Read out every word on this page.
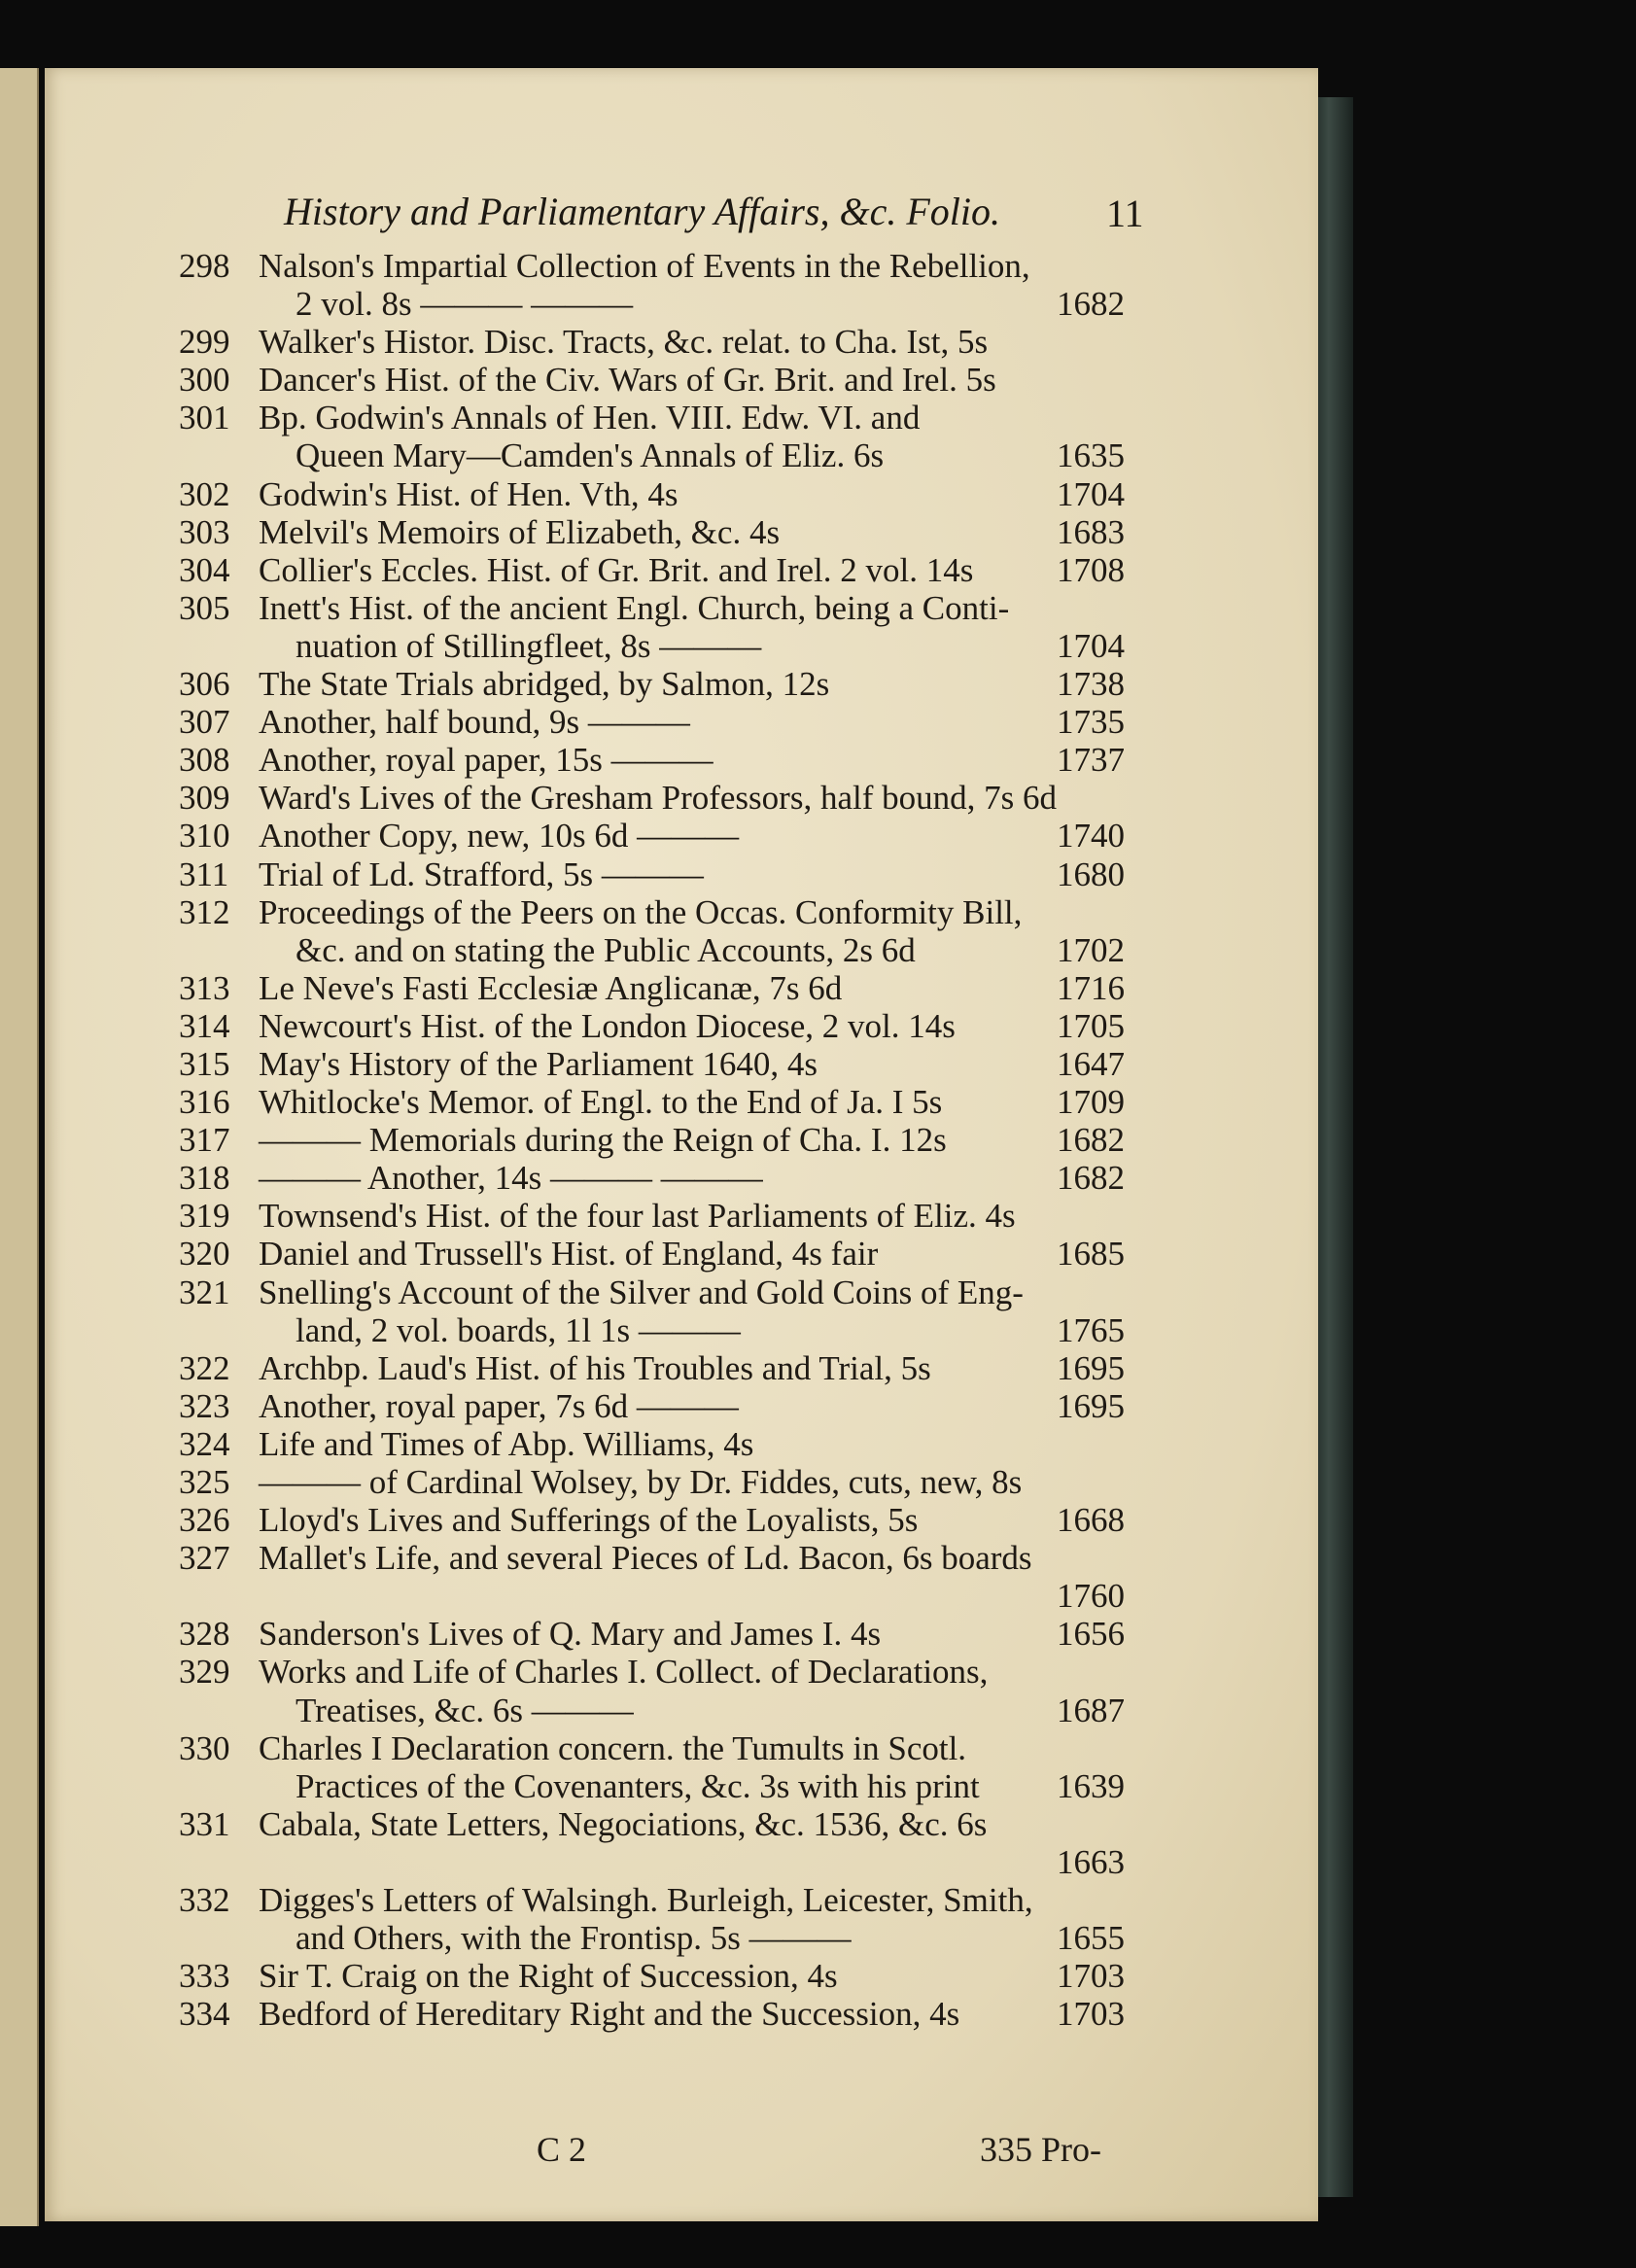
History and Parliamentary Affairs, &c. Folio.	11
298 Nalson's Impartial Collection of Events in the Rebellion,
2 vol. 8s ——— ———	1682
299 Walker's Histor. Disc. Tracts, &c. relat. to Cha. Ist, 5s
300 Dancer's Hist. of the Civ. Wars of Gr. Brit. and Irel. 5s
301 Bp. Godwin's Annals of Hen. VIII. Edw. VI. and
Queen Mary—Camden's Annals of Eliz. 6s	1635
302 Godwin's Hist. of Hen. Vth, 4s	1704
303 Melvil's Memoirs of Elizabeth, &c. 4s	1683
304 Collier's Eccles. Hist. of Gr. Brit. and Irel. 2 vol. 14s 1708
305 Inett's Hist. of the ancient Engl. Church, being a Conti-
nuation of Stillingfleet, 8s ———	1704
306 The State Trials abridged, by Salmon, 12s	1738
307 Another, half bound, 9s ———	1735
308 Another, royal paper, 15s ———	1737
309 Ward's Lives of the Gresham Professors, half bound, 7s 6d
310 Another Copy, new, 10s 6d ———	1740
311 Trial of Ld. Strafford, 5s ———	1680
312 Proceedings of the Peers on the Occas. Conformity Bill,
&c. and on stating the Public Accounts, 2s 6d	1702
313 Le Neve's Fasti Ecclesiæ Anglicanæ, 7s 6d	1716
314 Newcourt's Hist. of the London Diocese, 2 vol. 14s	1705
315 May's History of the Parliament 1640, 4s	1647
316 Whitlocke's Memor. of Engl. to the End of Ja. I 5s	1709
317 ——— Memorials during the Reign of Cha. I. 12s	1682
318 ——— Another, 14s ——— ———	1682
319 Townsend's Hist. of the four last Parliaments of Eliz. 4s
320 Daniel and Trussell's Hist. of England, 4s fair	1685
321 Snelling's Account of the Silver and Gold Coins of Eng-
land, 2 vol. boards, 1l 1s ———	1765
322 Archbp. Laud's Hist. of his Troubles and Trial, 5s	1695
323 Another, royal paper, 7s 6d ———	1695
324 Life and Times of Abp. Williams, 4s
325 ——— of Cardinal Wolsey, by Dr. Fiddes, cuts, new, 8s
326 Lloyd's Lives and Sufferings of the Loyalists, 5s	1668
327 Mallet's Life, and several Pieces of Ld. Bacon, 6s boards
1760
328 Sanderson's Lives of Q. Mary and James I. 4s	1656
329 Works and Life of Charles I. Collect. of Declarations,
Treatises, &c. 6s ———	1687
330 Charles I Declaration concern. the Tumults in Scotl.
Practices of the Covenanters, &c. 3s with his print 1639
331 Cabala, State Letters, Negociations, &c. 1536, &c. 6s
1663
332 Digges's Letters of Walsingh. Burleigh, Leicester, Smith,
and Others, with the Frontisp. 5s ———	1655
333 Sir T. Craig on the Right of Succession, 4s	1703
334 Bedford of Hereditary Right and the Succession, 4s	1703
C 2	335 Pro-
